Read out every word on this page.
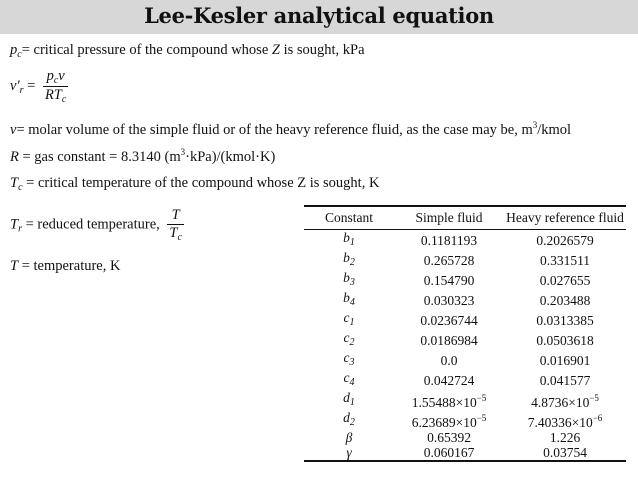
Lee-Kesler analytical equation
$p_c=$ critical pressure of the compound whose Z is sought, kPa
$v'_r = \frac{p_cv}{RT_c}$
v= molar volume of the simple fluid or of the heavy reference fluid, as the case may be, $m^3$/kmol
R = gas constant = 8.3140 $(m^3\cdot kPa)/(kmol\cdot K)$
$T_c$ = critical temperature of the compound whose Z is sought, K
$T_r$ = reduced temperature, $\frac{T}{T_c}$
T = temperature, K
Constant	Simple fluid	Heavy reference fluid
$b_1$	0.1181193	0.2026579
$b_2$	0.265728	0.331511
$b_3$	0.154790	0.027655
$b_4$	0.030323	0.203488
$c_1$	0.0236744	0.0313385
$c_2$	0.0186984	0.0503618
$c_3$	0.0	0.016901
$c_4$	0.042724	0.041577
$d_1$	$1.55488\times 10^{-5}$	$4.8736\times 10^{-5}$
$d_2$	$6.23689\times 10^{-5}$	$7.40336\times 10^{-6}$
β	0.65392	1.226
γ	0.060167	0.03754
